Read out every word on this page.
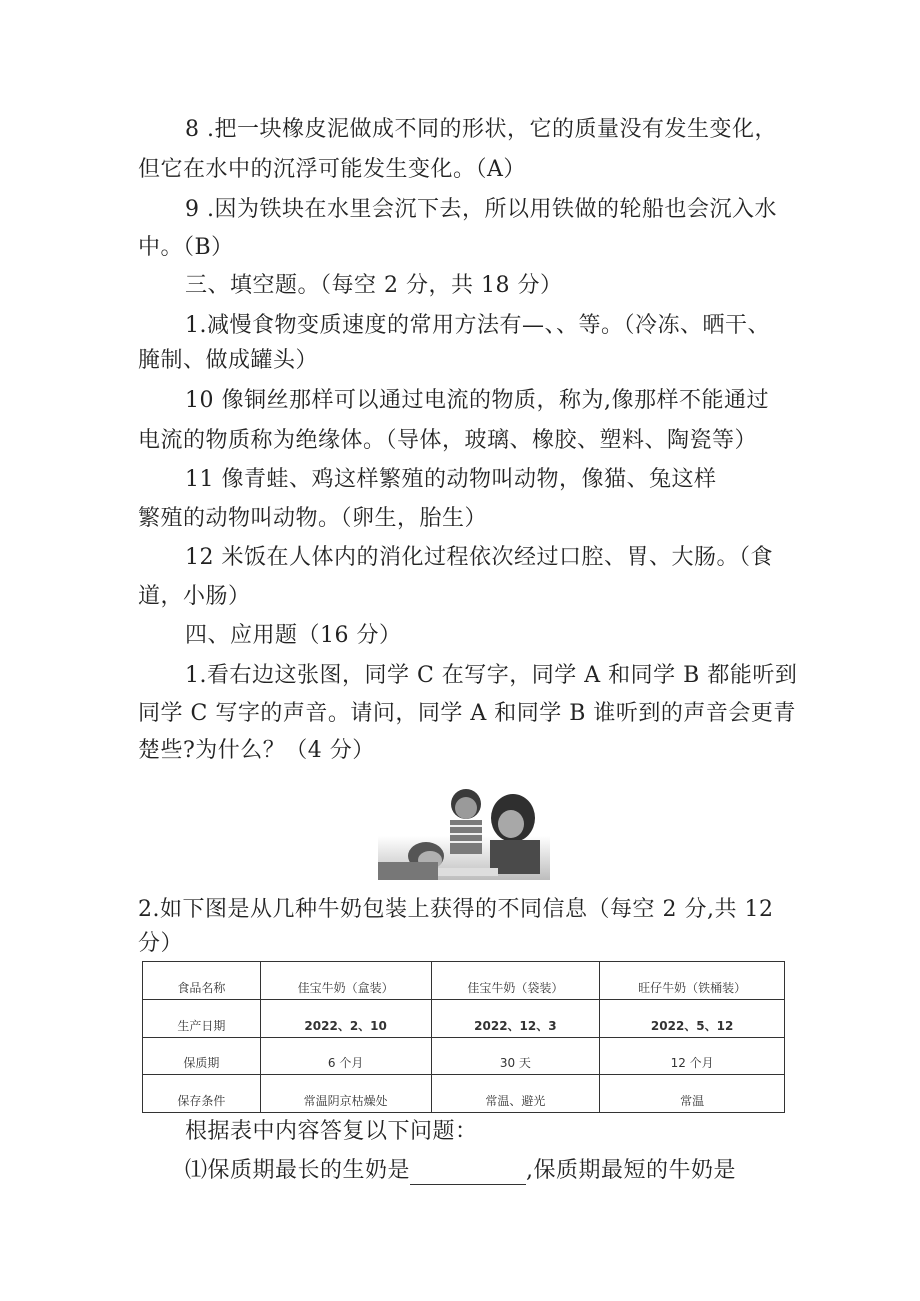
8 .把一块橡皮泥做成不同的形状，它的质量没有发生变化，
但它在水中的沉浮可能发生变化。（A）
9 .因为铁块在水里会沉下去，所以用铁做的轮船也会沉入水
中。（B）
三、填空题。（每空 2 分，共 18 分）
1.减慢食物变质速度的常用方法有—、、等。（冷冻、晒干、
腌制、做成罐头）
10 像铜丝那样可以通过电流的物质，称为,像那样不能通过
电流的物质称为绝缘体。（导体，玻璃、橡胶、塑料、陶瓷等）
11 像青蛙、鸡这样繁殖的动物叫动物，像猫、兔这样
繁殖的动物叫动物。（卵生，胎生）
12 米饭在人体内的消化过程依次经过口腔、胃、大肠。（食
道，小肠）
四、应用题（16 分）
1.看右边这张图，同学 C 在写字，同学 A 和同学 B 都能听到
同学 C 写字的声音。请问，同学 A 和同学 B 谁听到的声音会更青
楚些?为什么？（4 分）
2.如下图是从几种牛奶包装上获得的不同信息（每空 2 分,共 12
分）
食品名称	佳宝牛奶（盒装）	佳宝牛奶（袋装）	旺仔牛奶（铁桶装）
生产日期	2022、2、10	2022、12、3	2022、5、12
保质期	6 个月	30 天	12 个月
保存条件	常温阴京枯燥处	常温、避光	常温
根据表中内容答复以下问题：
⑴保质期最长的生奶是	,保质期最短的牛奶是
